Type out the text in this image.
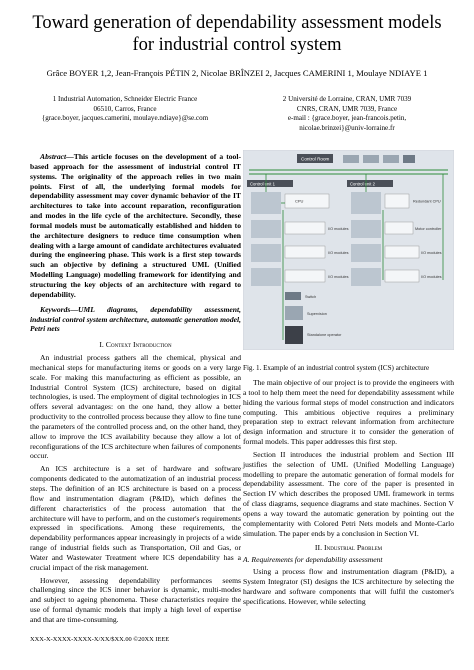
Toward generation of dependability assessment models for industrial control system
Grâce BOYER 1,2, Jean-François PÉTIN 2, Nicolae BRÎNZEI 2, Jacques CAMERINI 1, Moulaye NDIAYE 1
1 Industrial Automation, Schneider Electric France
06510, Carros, France
{grace.boyer, jacques.camerini, moulaye.ndiaye}@se.com
2 Université de Lorraine, CRAN, UMR 7039
CNRS, CRAN, UMR 7039, France
e-mail : {grace.boyer, jean-francois.petin,
nicolae.brinzei}@univ-lorraine.fr

Abstract—This article focuses on the development of a tool-based approach for the assessment of industrial control IT systems. The originality of the approach relies in two main points. First of all, the underlying formal models for dependability assessment may cover dynamic behavior of the IT architectures to take into account reparation, reconfiguration and modes in the life cycle of the architecture. Secondly, these formal models must be automatically established and hidden to the architecture designers to reduce time consumption when dealing with a large amount of candidate architectures evaluated during the engineering phase. This work is a first step towards such an objective by defining a structured UML (Unified Modelling Language) modelling framework for identifying and structuring the key objects of an architecture with regard to dependability.

Keywords—UML diagrams, dependability assessment, industrial control system architecture, automatic generation model, Petri nets

I. Context Introduction

An industrial process gathers all the chemical, physical and mechanical steps for manufacturing items or goods on a very large scale. For making this manufacturing as efficient as possible, an Industrial Control System (ICS) architecture, based on digital technologies, is used. The employment of digital technologies in ICS offers several advantages: on the one hand, they allow a better productivity to the controlled process because they allow to fine tune the parameters of the controlled process and, on the other hand, they allow to improve the ICS availability because they allow a lot of reconfigurations of the ICS architecture when failures of components occur.

An ICS architecture is a set of hardware and software components dedicated to the automatization of an industrial process steps. The definition of an ICS architecture is based on a process flow and instrumentation diagram (P&ID), which defines the different characteristics of the process automation that the architecture will have to perform, and on the customer's requirements expressed in specifications. Among these requirements, the dependability performances appear increasingly in projects of a wide range of industrial fields such as Transportation, Oil and Gas, or Water and Wastewater Treatment where ICS dependability has a crucial impact of the risk management.

However, assessing dependability performances seems challenging since the ICS inner behavior is dynamic, multi-modes and subject to ageing phenomena. These characteristics require the use of formal dynamic models that imply a high level of expertise and that are time-consuming.

Control Room
Control unit 1	Control unit 2
CPU	Redundant CPU
I/O modules	Motor controller
I/O modules	I/O modules
I/O modules	I/O modules
Switch
Supervision
Standalone operator
Fig. 1. Example of an industrial control system (ICS) architecture

The main objective of our project is to provide the engineers with a tool to help them meet the need for dependability assessment while hiding the various formal steps of model construction and indicators computing. This ambitious objective requires a preliminary preparation step to extract relevant information from architecture design information and structure it to consider the generation of formal models. This paper addresses this first step.

Section II introduces the industrial problem and Section III justifies the selection of UML (Unified Modelling Language) modelling to prepare the automatic generation of formal models for dependability assessment. The core of the paper is presented in Section IV which describes the proposed UML framework in terms of class diagrams, sequence diagrams and state machines. Section V opens a way toward the automatic generation by pointing out the complementarity with Colored Petri Nets models and Monte-Carlo simulation. The paper ends by a conclusion in Section VI.

II. Industrial Problem
A. Requirements for dependability assessment

Using a process flow and instrumentation diagram (P&ID), a System Integrator (SI) designs the ICS architecture by selecting the hardware and software components that will fulfil the customer's specifications. However, while selecting

XXX-X-XXXX-XXXX-X/XX/$XX.00 ©20XX IEEE
